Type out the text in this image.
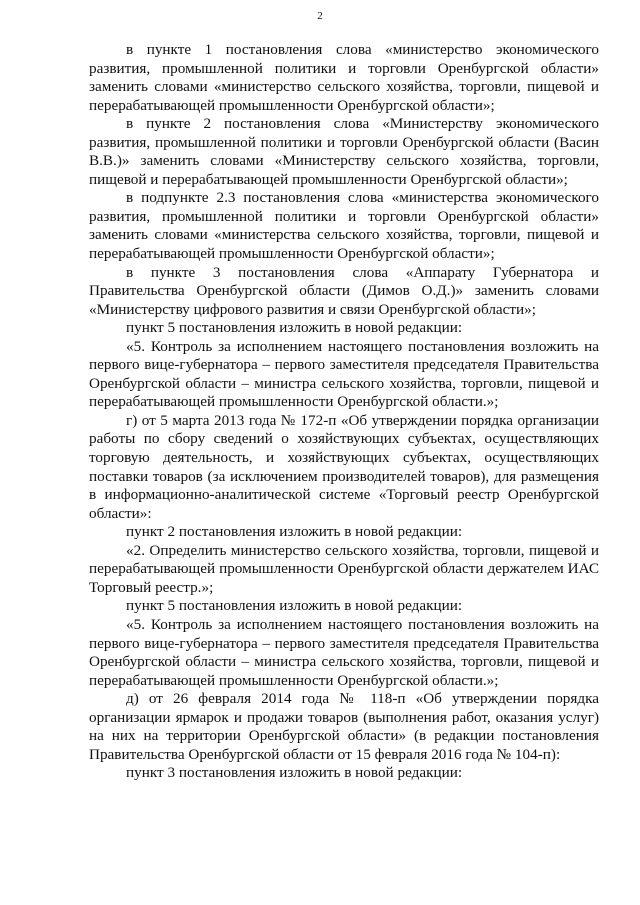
2

в пункте 1 постановления слова «министерство экономического развития, промышленной политики и торговли Оренбургской области» заменить словами «министерство сельского хозяйства, торговли, пищевой и перерабатывающей промышленности Оренбургской области»;

в пункте 2 постановления слова «Министерству экономического развития, промышленной политики и торговли Оренбургской области (Васин В.В.)» заменить словами «Министерству сельского хозяйства, торговли, пищевой и перерабатывающей промышленности Оренбургской области»;

в подпункте 2.3 постановления слова «министерства экономического развития, промышленной политики и торговли Оренбургской области» заменить словами «министерства сельского хозяйства, торговли, пищевой и перерабатывающей промышленности Оренбургской области»;

в пункте 3 постановления слова «Аппарату Губернатора и Правительства Оренбургской области (Димов О.Д.)» заменить словами «Министерству цифрового развития и связи Оренбургской области»;

пункт 5 постановления изложить в новой редакции:

«5. Контроль за исполнением настоящего постановления возложить на первого вице-губернатора – первого заместителя председателя Правительства Оренбургской области – министра сельского хозяйства, торговли, пищевой и перерабатывающей промышленности Оренбургской области.»;

г) от 5 марта 2013 года № 172-п «Об утверждении порядка организации работы по сбору сведений о хозяйствующих субъектах, осуществляющих торговую деятельность, и хозяйствующих субъектах, осуществляющих поставки товаров (за исключением производителей товаров), для размещения в информационно-аналитической системе «Торговый реестр Оренбургской области»:

пункт 2 постановления изложить в новой редакции:

«2. Определить министерство сельского хозяйства, торговли, пищевой и перерабатывающей промышленности Оренбургской области держателем ИАС Торговый реестр.»;

пункт 5 постановления изложить в новой редакции:

«5. Контроль за исполнением настоящего постановления возложить на первого вице-губернатора – первого заместителя председателя Правительства Оренбургской области – министра сельского хозяйства, торговли, пищевой и перерабатывающей промышленности Оренбургской области.»;

д) от 26 февраля 2014 года № 118-п «Об утверждении порядка организации ярмарок и продажи товаров (выполнения работ, оказания услуг) на них на территории Оренбургской области» (в редакции постановления Правительства Оренбургской области от 15 февраля 2016 года № 104-п):

пункт 3 постановления изложить в новой редакции:
